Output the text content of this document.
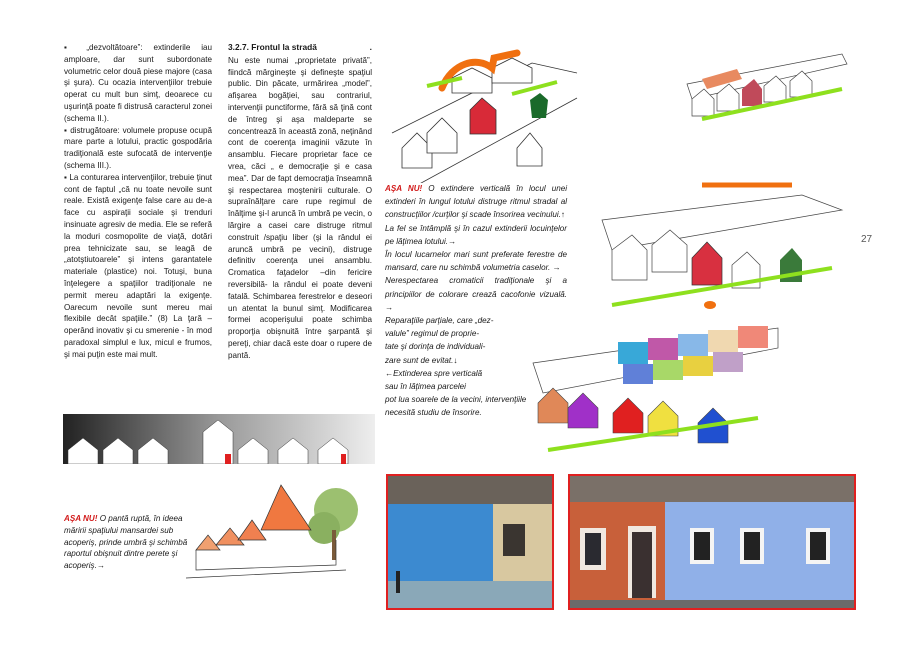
▪ „dezvoltătoare”: extinderile iau amploare, dar sunt subordonate volumetric celor două piese majore (casa şi şura). Cu ocazia intervenţiilor trebuie operat cu mult bun simţ, deoarece cu uşurinţă poate fi distrusă caracterul zonei (schema II.).

▪ distrugătoare: volumele propuse ocupă mare parte a lotului, practic gospodăria tradiţională este sufocată de intervenţie (schema III.).

▪ La conturarea intervenţiilor, trebuie ţinut cont de faptul „că nu toate nevoile sunt reale. Există exigenţe false care au de-a face cu aspiraţii sociale şi trenduri insinuate agresiv de media. Ele se referă la moduri cosmopolite de viaţă, dotări prea tehnicizate sau, se leagă de „atotştiutoarele” şi intens garantatele materiale (plastice) noi. Totuşi, buna înţelegere a spaţiilor tradiţionale ne permit mereu adaptări la exigenţe. Oarecum nevoile sunt mereu mai flexibile decât spaţiile.” (8) La ţară – operând inovativ şi cu smerenie - în mod paradoxal simplul e lux, micul e frumos, şi mai puţin este mai mult.

3.2.7. Frontul la stradă	.

Nu este numai „proprietate privată”, fiindcă mărgineşte şi defineşte spaţiul public. Din păcate, urmărirea „model”, afişarea bogăţiei, sau contrariul, intervenţii punctiforme, fără să ţină cont de întreg şi aşa maldeparte se concentrează în această zonă, neţinând cont de coerenţa imaginii văzute în ansamblu. Fiecare proprietar face ce vrea, căci „ e democraţie şi e casa mea”. Dar de fapt democraţia înseamnă şi respectarea moştenirii culturale. O supraînălţare care rupe regimul de înălţime şi-l aruncă în umbră pe vecin, o lărgire a casei care distruge ritmul construit /spaţiu liber (şi la rândul ei aruncă umbră pe vecini), distruge definitiv coerenţa unei ansamblu. Cromatica faţadelor –din fericire reversibilă- la rândul ei poate deveni fatală. Schimbarea ferestrelor e deseori un atentat la bunul simţ. Modificarea formei acoperişului poate schimba proporţia obişnuită între şarpantă şi pereţi, chiar dacă este doar o rupere de pantă.

AŞA NU! O extindere verticală în locul unei extinderi în lungul lotului distruge ritmul stradal al construcţiilor /curţilor şi scade însorirea vecinului.↑

La fel se întâmplă şi în cazul extinderii locuinţelor pe lăţimea lotului.→

În locul lucarnelor mari sunt preferate ferestre de mansard, care nu schimbă volumetria caselor. →

Nerespectarea cromaticii tradiţionale şi a principiilor de colorare crează cacofonie vizuală. →

Reparaţiile parţiale, care „dez-

valule” regimul de proprie-

tate şi dorinţa de individuali-

zare sunt de evitat.↓

←Extinderea spre verticală

sau în lăţimea parcelei

pot lua soarele de la vecini, intervenţiile

necesită studiu de însorire.

AŞA NU! O pantă ruptă, în ideea măririi spaţiului mansardei sub acoperiş, prinde umbră şi schimbă raportul obişnuit dintre perete şi acoperiş.→

27
